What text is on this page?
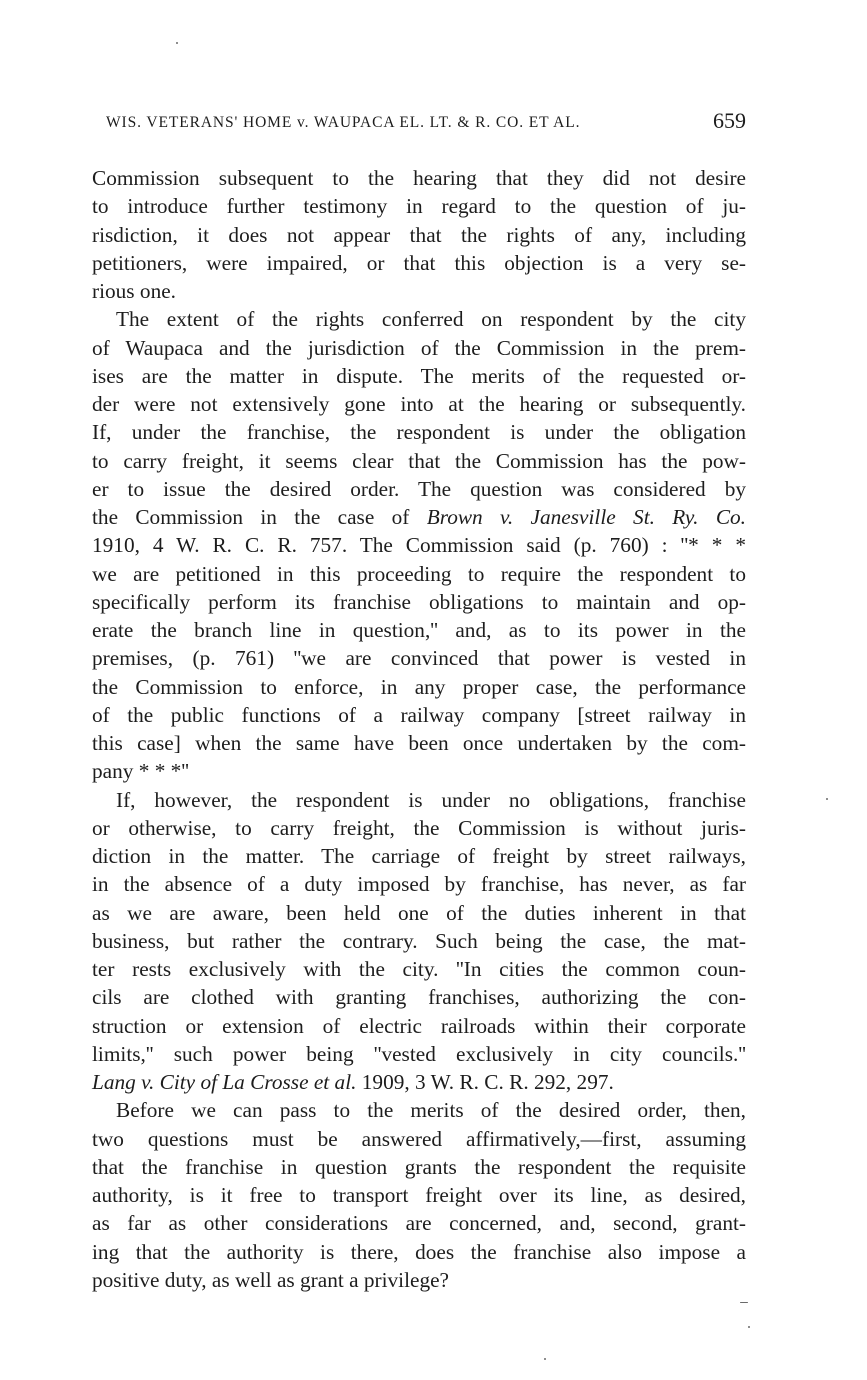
WIS. VETERANS' HOME v. WAUPACA EL. LT. & R. CO. ET AL.	659
Commission subsequent to the hearing that they did not desire
to introduce further testimony in regard to the question of ju-
risdiction, it does not appear that the rights of any, including
petitioners, were impaired, or that this objection is a very se-
rious one.
The extent of the rights conferred on respondent by the city
of Waupaca and the jurisdiction of the Commission in the prem-
ises are the matter in dispute. The merits of the requested or-
der were not extensively gone into at the hearing or subsequently.
If, under the franchise, the respondent is under the obligation
to carry freight, it seems clear that the Commission has the pow-
er to issue the desired order. The question was considered by
the Commission in the case of Brown v. Janesville St. Ry. Co.
1910, 4 W. R. C. R. 757. The Commission said (p. 760) : ''* * *
we are petitioned in this proceeding to require the respondent to
specifically perform its franchise obligations to maintain and op-
erate the branch line in question,'' and, as to its power in the
premises, (p. 761) ''we are convinced that power is vested in
the Commission to enforce, in any proper case, the performance
of the public functions of a railway company [street railway in
this case] when the same have been once undertaken by the com-
pany * * *''
If, however, the respondent is under no obligations, franchise
or otherwise, to carry freight, the Commission is without juris-
diction in the matter. The carriage of freight by street railways,
in the absence of a duty imposed by franchise, has never, as far
as we are aware, been held one of the duties inherent in that
business, but rather the contrary. Such being the case, the mat-
ter rests exclusively with the city. ''In cities the common coun-
cils are clothed with granting franchises, authorizing the con-
struction or extension of electric railroads within their corporate
limits,'' such power being ''vested exclusively in city councils.''
Lang v. City of La Crosse et al. 1909, 3 W. R. C. R. 292, 297.
Before we can pass to the merits of the desired order, then,
two questions must be answered affirmatively,—first, assuming
that the franchise in question grants the respondent the requisite
authority, is it free to transport freight over its line, as desired,
as far as other considerations are concerned, and, second, grant-
ing that the authority is there, does the franchise also impose a
positive duty, as well as grant a privilege?
